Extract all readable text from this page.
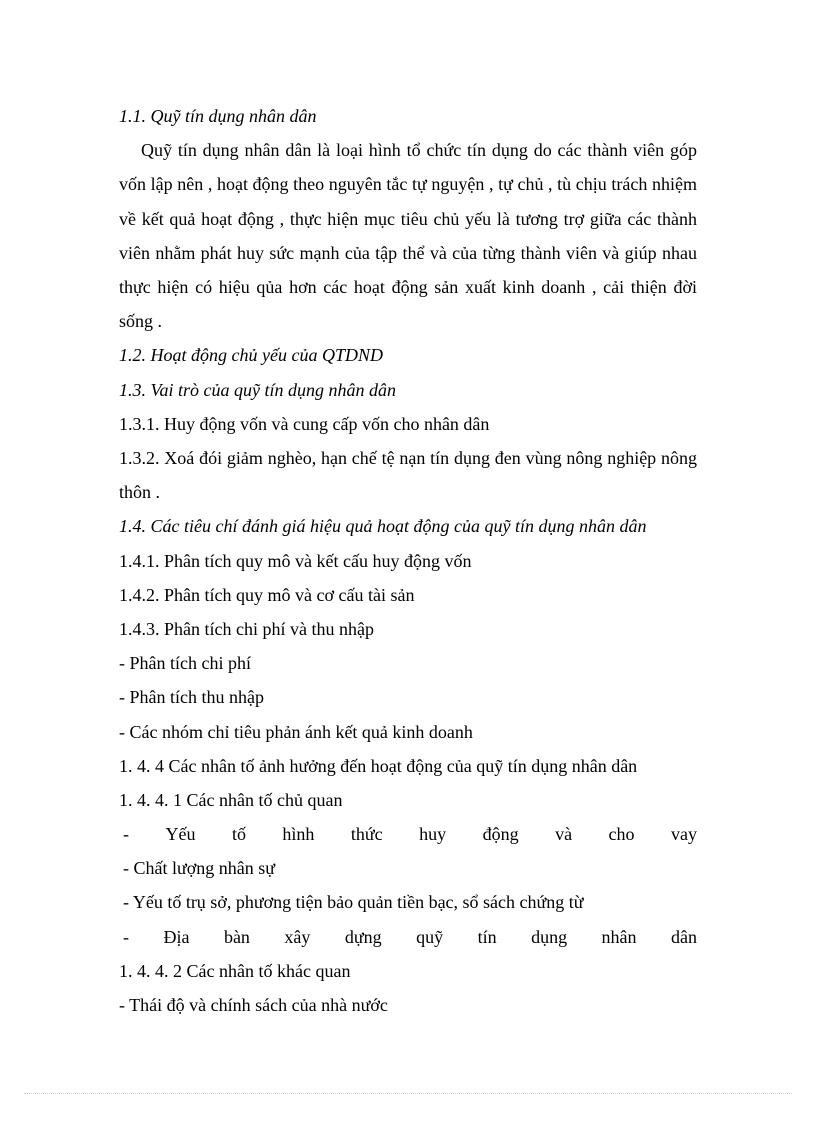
1.1. Quỹ tín dụng nhân dân
Quỹ tín dụng nhân dân là loại hình tổ chức tín dụng do các thành viên góp vốn lập nên , hoạt động theo nguyên tắc tự nguyện , tự chủ , tù chịu trách nhiệm về kết quả hoạt động , thực hiện mục tiêu chủ yếu là tương trợ giữa các thành viên nhằm phát huy sức mạnh của tập thể và của từng thành viên và giúp nhau thực hiện có hiệu qủa hơn các hoạt động sản xuất kinh doanh , cải thiện đời sống .
1.2. Hoạt động chủ yếu của QTDND
1.3. Vai trò của quỹ tín dụng nhân dân
1.3.1. Huy động vốn và cung cấp vốn cho nhân dân
1.3.2. Xoá đói giảm nghèo, hạn chế tệ nạn tín dụng đen vùng nông nghiệp nông thôn .
1.4. Các tiêu chí đánh giá hiệu quả hoạt động của quỹ tín dụng nhân dân
1.4.1. Phân tích quy mô và kết cấu huy động vốn
1.4.2. Phân tích quy mô và cơ cấu tài sản
1.4.3. Phân tích chi phí và thu nhập
- Phân tích chi phí
- Phân tích thu nhập
- Các nhóm chỉ tiêu phản ánh kết quả kinh doanh
1. 4. 4 Các nhân tố ảnh hưởng đến hoạt động của quỹ tín dụng nhân dân
1. 4. 4. 1 Các nhân tố chủ quan
- Yếu tố hình thức huy động và cho vay
- Chất lượng nhân sự
- Yếu tố trụ sở, phương tiện bảo quản tiền bạc, sổ sách chứng từ
- Địa bàn xây dựng quỹ tín dụng nhân dân
1. 4. 4. 2 Các nhân tố khác quan
- Thái độ và chính sách của nhà nước
